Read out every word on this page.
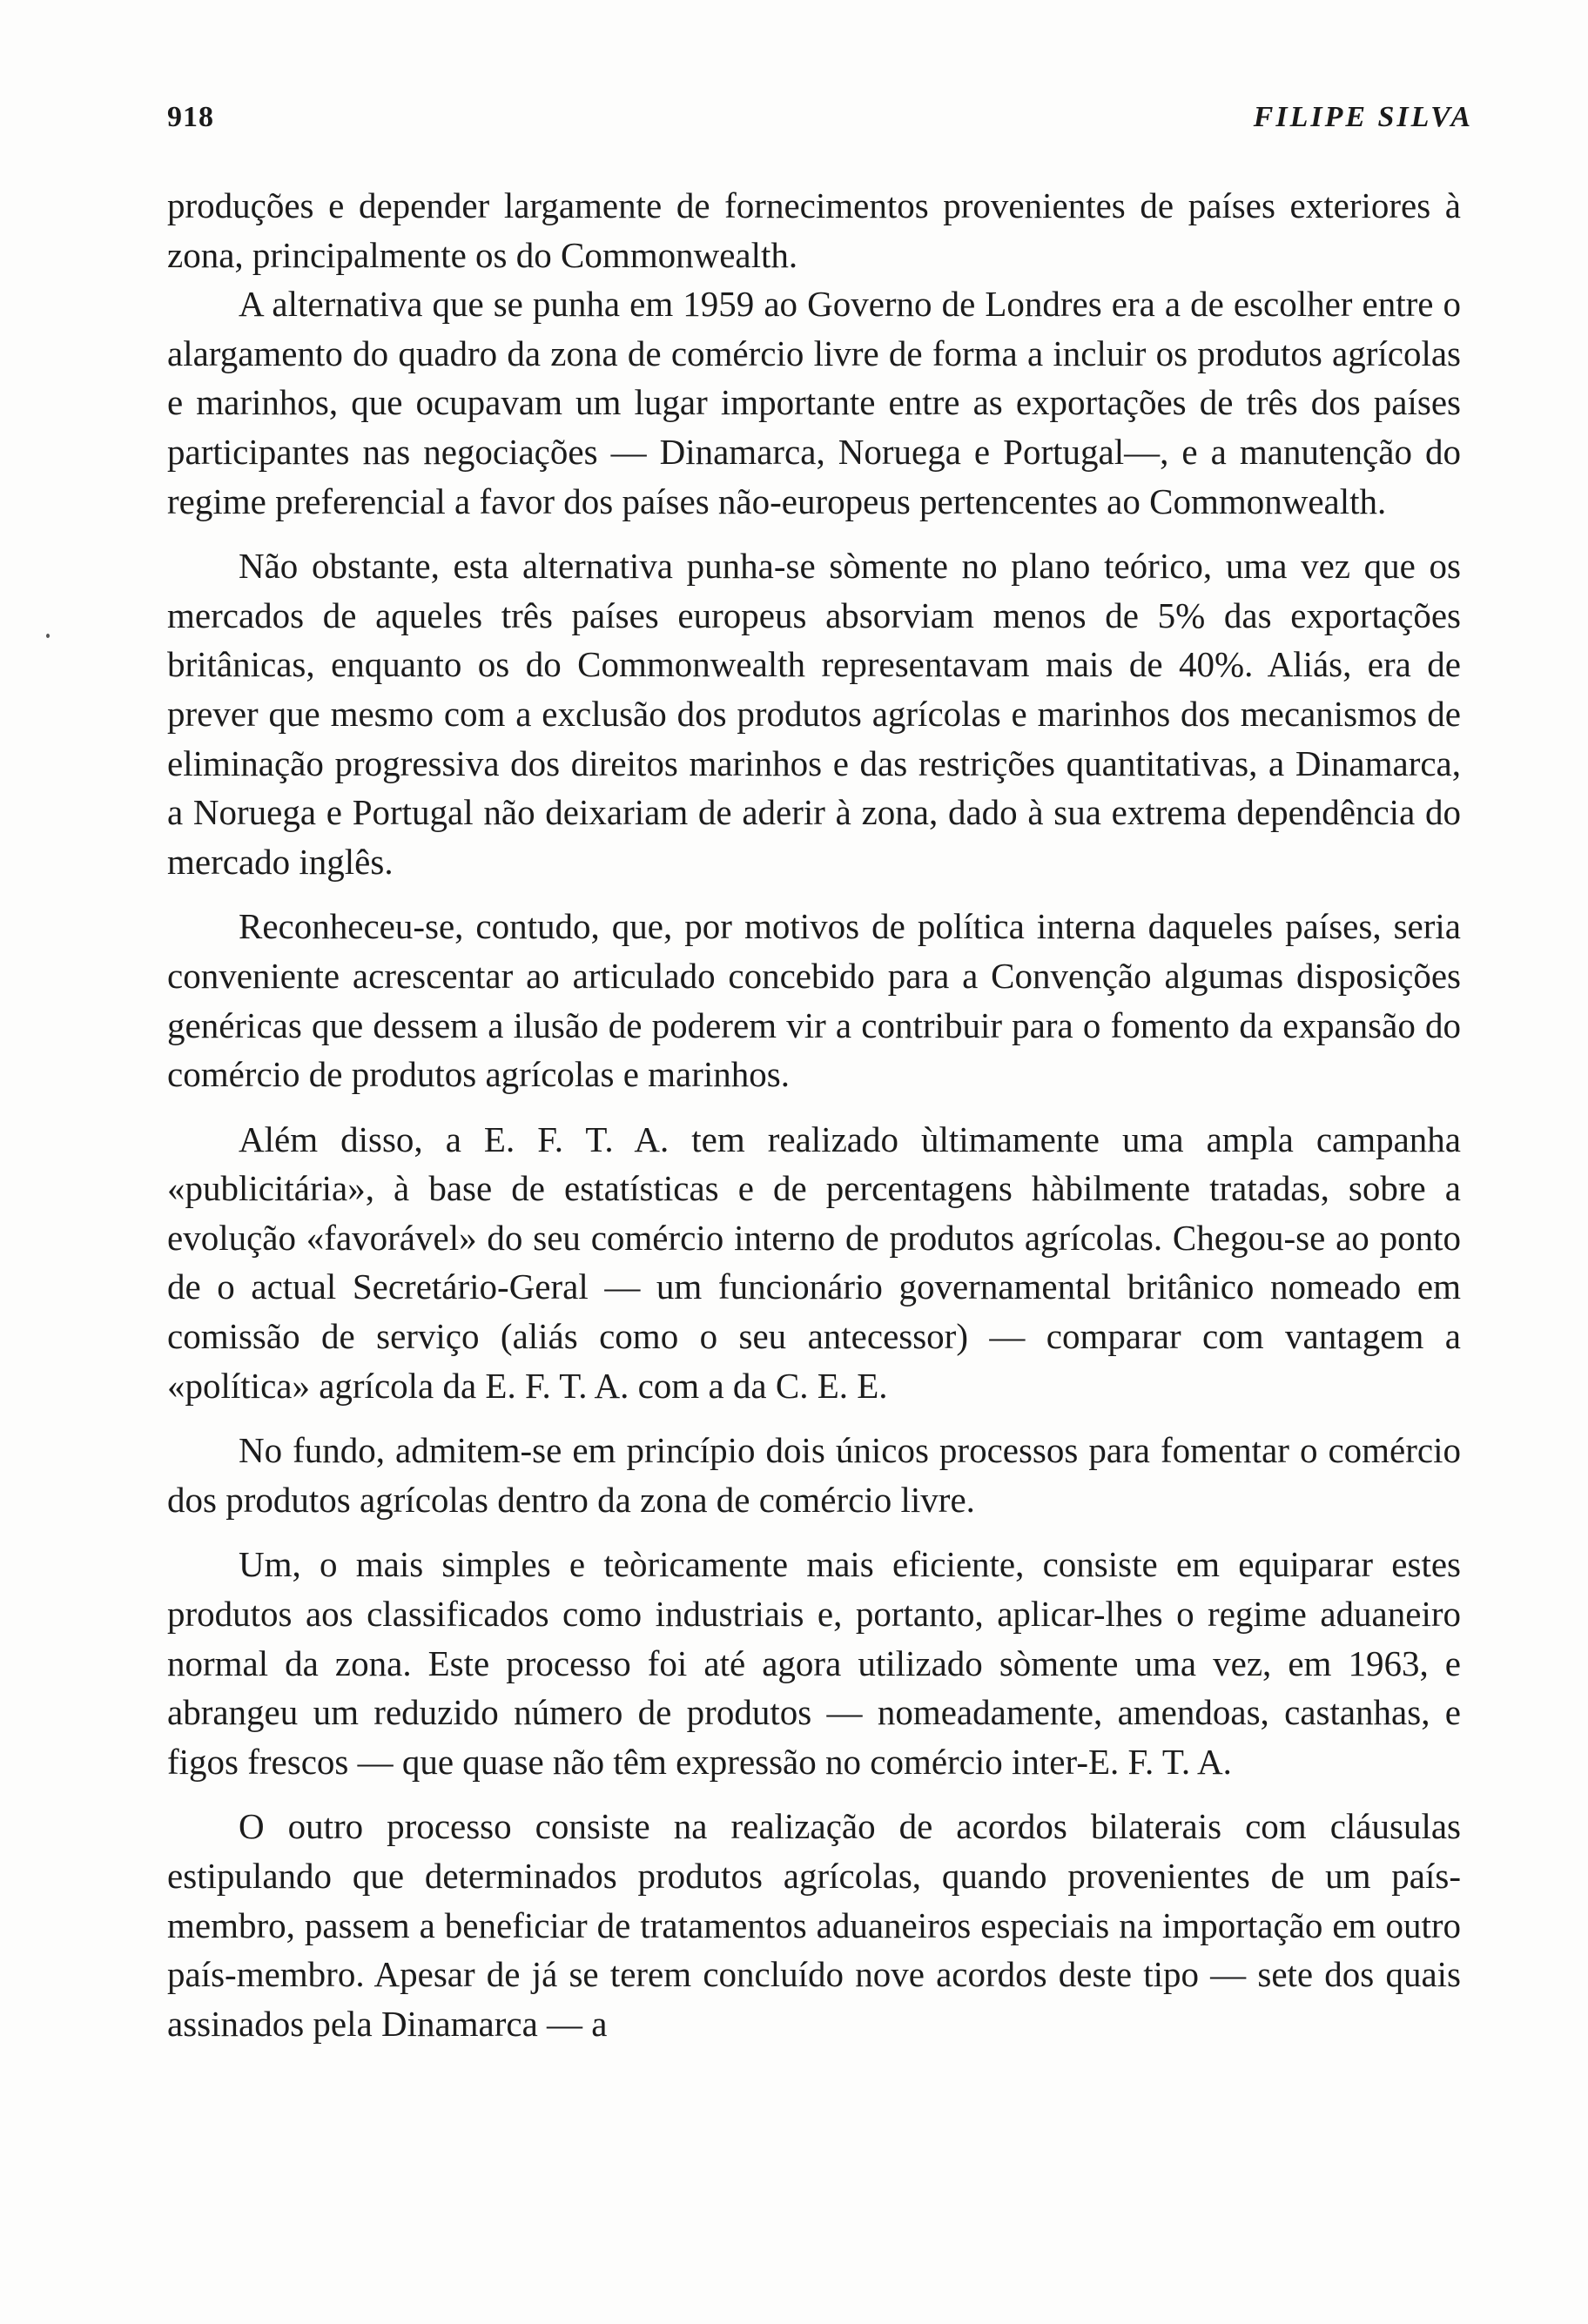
918	FILIPE SILVA

produções e depender largamente de fornecimentos provenientes de países exteriores à zona, principalmente os do Commonwealth.

A alternativa que se punha em 1959 ao Governo de Londres era a de escolher entre o alargamento do quadro da zona de comércio livre de forma a incluir os produtos agrícolas e marinhos, que ocupavam um lugar importante entre as exportações de três dos países participantes nas negociações — Dinamarca, Noruega e Portugal—, e a manutenção do regime preferencial a favor dos países não-europeus pertencentes ao Commonwealth.

Não obstante, esta alternativa punha-se sòmente no plano teórico, uma vez que os mercados de aqueles três países europeus absorviam menos de 5% das exportações britânicas, enquanto os do Commonwealth representavam mais de 40%. Aliás, era de prever que mesmo com a exclusão dos produtos agrícolas e marinhos dos mecanismos de eliminação progressiva dos direitos marinhos e das restrições quantitativas, a Dinamarca, a Noruega e Portugal não deixariam de aderir à zona, dado à sua extrema dependência do mercado inglês.

Reconheceu-se, contudo, que, por motivos de política interna daqueles países, seria conveniente acrescentar ao articulado concebido para a Convenção algumas disposições genéricas que dessem a ilusão de poderem vir a contribuir para o fomento da expansão do comércio de produtos agrícolas e marinhos.

Além disso, a E. F. T. A. tem realizado ùltimamente uma ampla campanha «publicitária», à base de estatísticas e de percentagens hàbilmente tratadas, sobre a evolução «favorável» do seu comércio interno de produtos agrícolas. Chegou-se ao ponto de o actual Secretário-Geral — um funcionário governamental britânico nomeado em comissão de serviço (aliás como o seu antecessor) — comparar com vantagem a «política» agrícola da E. F. T. A. com a da C. E. E.

No fundo, admitem-se em princípio dois únicos processos para fomentar o comércio dos produtos agrícolas dentro da zona de comércio livre.

Um, o mais simples e teòricamente mais eficiente, consiste em equiparar estes produtos aos classificados como industriais e, portanto, aplicar-lhes o regime aduaneiro normal da zona. Este processo foi até agora utilizado sòmente uma vez, em 1963, e abrangeu um reduzido número de produtos — nomeadamente, amendoas, castanhas, e figos frescos — que quase não têm expressão no comércio inter-E. F. T. A.

O outro processo consiste na realização de acordos bilaterais com cláusulas estipulando que determinados produtos agrícolas, quando provenientes de um país-membro, passem a beneficiar de tratamentos aduaneiros especiais na importação em outro país-membro. Apesar de já se terem concluído nove acordos deste tipo — sete dos quais assinados pela Dinamarca — a
